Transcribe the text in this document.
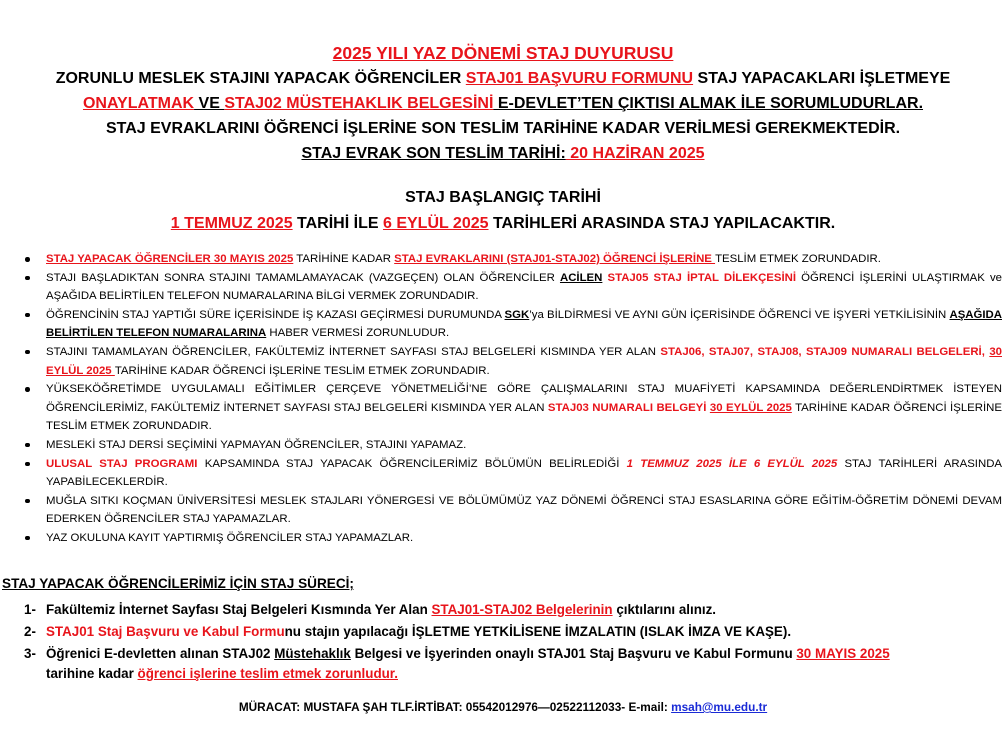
2025 YILI YAZ DÖNEMİ STAJ DUYURUSU
ZORUNLU MESLEK STAJINI YAPACAK ÖĞRENCİLER STAJ01 BAŞVURU FORMUNU STAJ YAPACAKLARI İŞLETMEYE
ONAYLATMAK VE STAJ02 MÜSTEHAKLIK BELGESİNİ E-DEVLET’TEN ÇIKTISI ALMAK İLE SORUMLUDURLAR.
STAJ EVRAKLARINI ÖĞRENCİ İŞLERİNE SON TESLİM TARİHİNE KADAR VERİLMESİ GEREKMEKTEDİR.
STAJ EVRAK SON TESLİM TARİHİ: 20 HAZİRAN 2025
STAJ BAŞLANGIÇ TARİHİ
1 TEMMUZ 2025 TARİHİ İLE 6 EYLÜL 2025 TARİHLERİ ARASINDA STAJ YAPILACAKTIR.
STAJ YAPACAK ÖĞRENCİLER 30 MAYIS 2025 TARİHİNE KADAR STAJ EVRAKLARINI (STAJ01-STAJ02) ÖĞRENCİ İŞLERİNE TESLİM ETMEK ZORUNDADIR.
STAJI BAŞLADIKTAN SONRA STAJINI TAMAMLAMAYACAK (VAZGEÇEN) OLAN ÖĞRENCİLER ACİLEN STAJ05 STAJ İPTAL DİLEKÇESİNİ ÖĞRENCİ İŞLERİNİ ULAŞTIRMAK ve AŞAĞIDA BELİRTİLEN TELEFON NUMARALARINA BİLGİ VERMEK ZORUNDADIR.
ÖĞRENCİNİN STAJ YAPTIĞI SÜRE İÇERİSİNDE İŞ KAZASI GEÇİRMESİ DURUMUNDA SGK’ya BİLDİRMESİ VE AYNI GÜN İÇERİSİNDE ÖĞRENCİ VE İŞYERİ YETKİLİSİNİN AŞAĞIDA BELİRTİLEN TELEFON NUMARALARINA HABER VERMESİ ZORUNLUDUR.
STAJINI TAMAMLAYAN ÖĞRENCİLER, FAKÜLTEMİZ İNTERNET SAYFASI STAJ BELGELERİ KISMINDA YER ALAN STAJ06, STAJ07, STAJ08, STAJ09 NUMARALI BELGELERİ, 30 EYLÜL 2025 TARİHİNE KADAR ÖĞRENCİ İŞLERİNE TESLİM ETMEK ZORUNDADIR.
YÜKSEKÖĞRETİMDE UYGULAMALI EĞİTİMLER ÇERÇEVE YÖNETMELİĞİ’NE GÖRE ÇALIŞMALARINI STAJ MUAFİYETİ KAPSAMINDA DEĞERLENDİRTMEK İSTEYEN ÖĞRENCİLERİMİZ, FAKÜLTEMİZ İNTERNET SAYFASI STAJ BELGELERİ KISMINDA YER ALAN STAJ03 NUMARALI BELGEYİ 30 EYLÜL 2025 TARİHİNE KADAR ÖĞRENCİ İŞLERİNE TESLİM ETMEK ZORUNDADIR.
MESLEKİ STAJ DERSİ SEÇİMİNİ YAPMAYAN ÖĞRENCİLER, STAJINI YAPAMAZ.
ULUSAL STAJ PROGRAMI KAPSAMINDA STAJ YAPACAK ÖĞRENCİLERİMİZ BÖLÜMÜN BELİRLEDİĞİ 1 TEMMUZ 2025 İLE 6 EYLÜL 2025 STAJ TARİHLERİ ARASINDA YAPABİLECEKLERDİR.
MUĞLA SITKI KOÇMAN ÜNİVERSİTESİ MESLEK STAJLARI YÖNERGESİ VE BÖLÜMÜMÜZ YAZ DÖNEMİ ÖĞRENCİ STAJ ESASLARINA GÖRE EĞİTİM-ÖĞRETİM DÖNEMİ DEVAM EDERKEN ÖĞRENCİLER STAJ YAPAMAZLAR.
YAZ OKULUNA KAYIT YAPTIRMIŞ ÖĞRENCİLER STAJ YAPAMAZLAR.
STAJ YAPACAK ÖĞRENCİLERİMİZ İÇİN STAJ SÜRECİ;
1- Fakültemiz İnternet Sayfası Staj Belgeleri Kısmında Yer Alan STAJ01-STAJ02 Belgelerinin çıktılarını alınız.
2- STAJ01 Staj Başvuru ve Kabul Formunu stajın yapılacağı İŞLETME YETKİLİSENE İMZALATIN (ISLAK İMZA VE KAŞE).
3- Öğrenici E-devletten alınan STAJ02 Müstehaklık Belgesi ve İşyerinden onaylı STAJ01 Staj Başvuru ve Kabul Formunu 30 MAYIS 2025
tarihine kadar öğrenci işlerine teslim etmek zorunludur.
MÜRACAT: MUSTAFA ŞAH TLF.İRTİBAT: 05542012976—02522112033- E-mail: msah@mu.edu.tr
